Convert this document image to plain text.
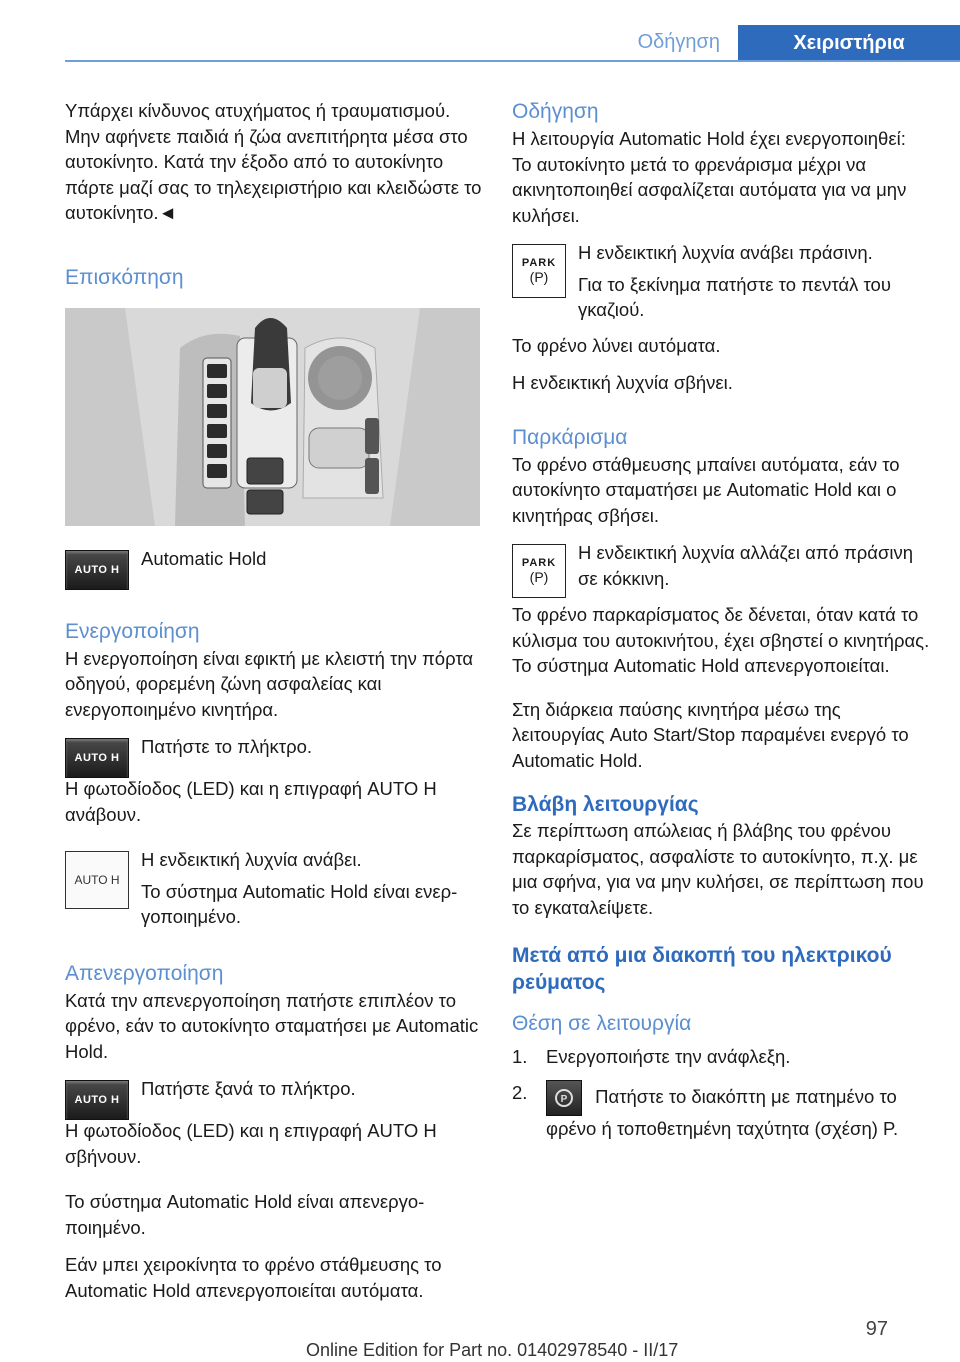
Οδήγηση	Χειριστήρια

Υπάρχει κίνδυνος ατυχήματος ή τραυματισμού. Μην αφήνετε παιδιά ή ζώα ανεπιτήρητα μέσα στο αυτοκίνητο. Κατά την έξοδο από το αυτοκίνητο πάρτε μαζί σας το τηλεχειριστήριο και κλειδώστε το αυτοκίνητο.◄

Επισκόπηση
AUTO H

Automatic Hold

Ενεργοποίηση

Η ενεργοποίηση είναι εφικτή με κλειστή την πόρτα οδηγού, φορεμένη ζώνη ασφαλείας και ενεργοποιημένο κινητήρα.

AUTO H

Πατήστε το πλήκτρο.

Η φωτοδίοδος (LED) και η επιγραφή AUTO H ανάβουν.

AUTO H

Η ενδεικτική λυχνία ανάβει.

Το σύστημα Automatic Hold είναι ενεργοποιημένο.

Απενεργοποίηση

Κατά την απενεργοποίηση πατήστε επιπλέον το φρένο, εάν το αυτοκίνητο σταματήσει με Automatic Hold.

AUTO H

Πατήστε ξανά το πλήκτρο.

Η φωτοδίοδος (LED) και η επιγραφή AUTO H σβήνουν.

Το σύστημα Automatic Hold είναι απενεργοποιημένο.

Εάν μπει χειροκίνητα το φρένο στάθμευσης το Automatic Hold απενεργοποιείται αυτόματα.

Οδήγηση

Η λειτουργία Automatic Hold έχει ενεργοποιηθεί: Το αυτοκίνητο μετά το φρενάρισμα μέχρι να ακινητοποιηθεί ασφαλίζεται αυτόματα για να μην κυλήσει.

PARK
(P)

Η ενδεικτική λυχνία ανάβει πράσινη.

Για το ξεκίνημα πατήστε το πεντάλ του γκαζιού.

Το φρένο λύνει αυτόματα.

Η ενδεικτική λυχνία σβήνει.

Παρκάρισμα

Το φρένο στάθμευσης μπαίνει αυτόματα, εάν το αυτοκίνητο σταματήσει με Automatic Hold και ο κινητήρας σβήσει.

PARK
(P)

Η ενδεικτική λυχνία αλλάζει από πράσινη σε κόκκινη.

Το φρένο παρκαρίσματος δε δένεται, όταν κατά το κύλισμα του αυτοκινήτου, έχει σβηστεί ο κινητήρας. Το σύστημα Automatic Hold απενεργοποιείται.

Στη διάρκεια παύσης κινητήρα μέσω της λειτουργίας Auto Start/Stop παραμένει ενεργό το Automatic Hold.

Βλάβη λειτουργίας

Σε περίπτωση απώλειας ή βλάβης του φρένου παρκαρίσματος, ασφαλίστε το αυτοκίνητο, π.χ. με μια σφήνα, για να μην κυλήσει, σε περίπτωση που το εγκαταλείψετε.

Μετά από μια διακοπή του ηλεκτρικού ρεύματος
Θέση σε λειτουργία
1.	Ενεργοποιήστε την ανάφλεξη.
2.	P Πατήστε το διακόπτη με πατημένο το φρένο ή τοποθετημένη ταχύτητα (σχέση) P.
97
Online Edition for Part no. 01402978540 - II/17
